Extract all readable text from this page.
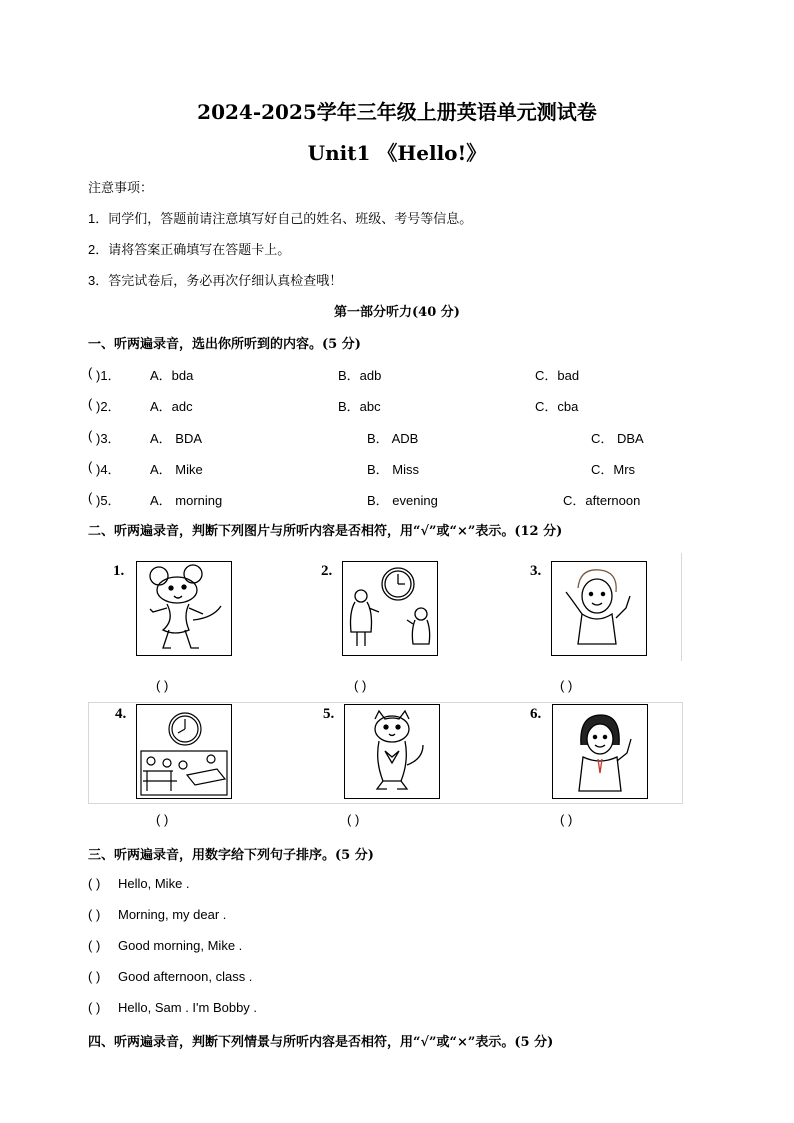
2024-2025学年三年级上册英语单元测试卷
Unit1 《Hello!》
注意事项：
1．同学们，答题前请注意填写好自己的姓名、班级、考号等信息。
2．请将答案正确填写在答题卡上。
3．答完试卷后，务必再次仔细认真检查哦！
第一部分听力(40 分)
一、听两遍录音，选出你所听到的内容。(5 分)
( )1． A．bda	B．adb	C．bad
( )2． A．adc	B．abc	C．cba
( )3． A． BDA	B． ADB	C． DBA
( )4． A． Mike	B． Miss	C．Mrs
( )5． A． morning	B． evening	C．afternoon
二、听两遍录音，判断下列图片与所听内容是否相符，用“√”或“×”表示。(12 分)
1.
( )
2.
( )
3.
( )
4.
( )
5.
( )
6.
( )
三、听两遍录音，用数字给下列句子排序。(5 分)
( ) Hello, Mike .
( ) Morning, my dear .
( ) Good morning, Mike .
( ) Good afternoon, class .
( ) Hello, Sam . I'm Bobby .
四、听两遍录音，判断下列情景与所听内容是否相符，用“√”或“×”表示。(5 分)
